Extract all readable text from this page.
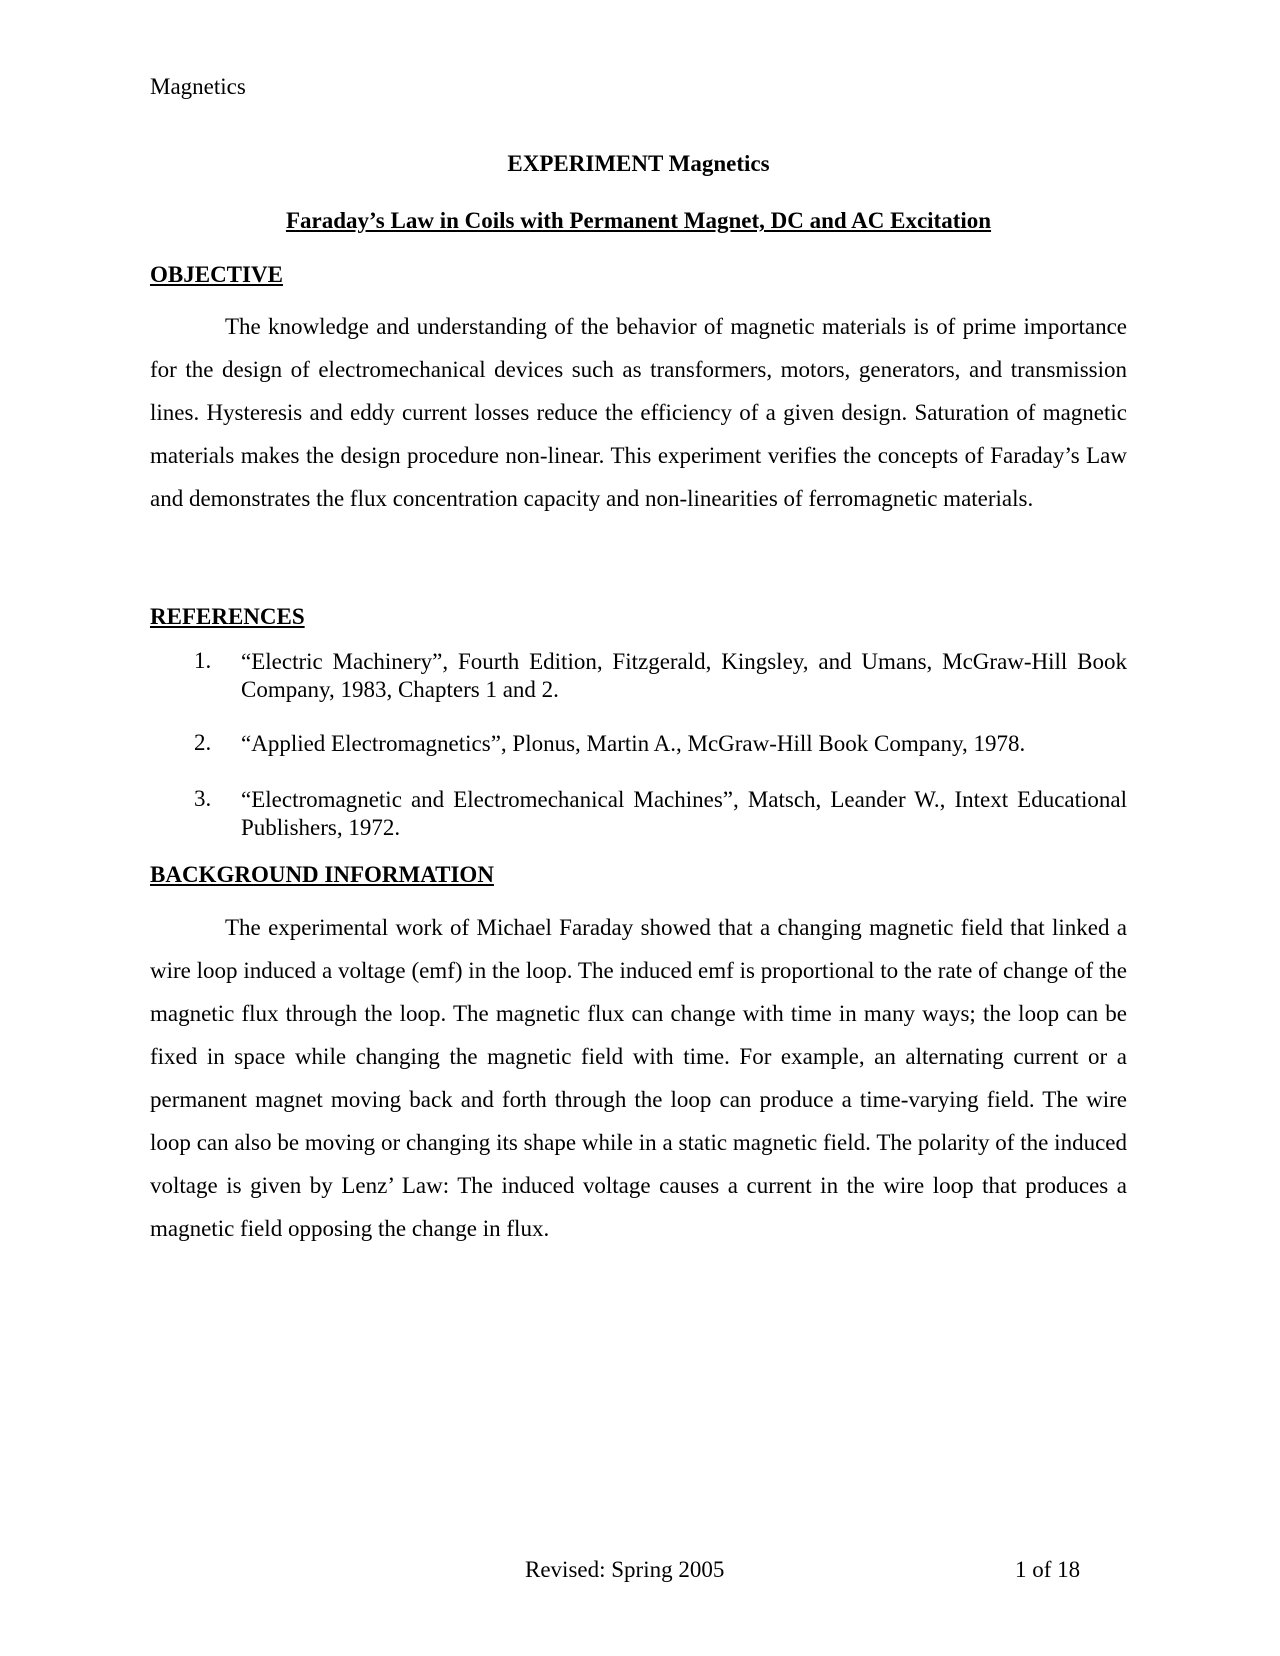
Magnetics
EXPERIMENT Magnetics
Faraday’s Law in Coils with Permanent Magnet, DC and AC Excitation
OBJECTIVE

The knowledge and understanding of the behavior of magnetic materials is of prime importance for the design of electromechanical devices such as transformers, motors, generators, and transmission lines. Hysteresis and eddy current losses reduce the efficiency of a given design. Saturation of magnetic materials makes the design procedure non-linear. This experiment verifies the concepts of Faraday’s Law and demonstrates the flux concentration capacity and non-linearities of ferromagnetic materials.

REFERENCES
1. “Electric Machinery”, Fourth Edition, Fitzgerald, Kingsley, and Umans, McGraw-Hill Book Company, 1983, Chapters 1 and 2.
2. “Applied Electromagnetics”, Plonus, Martin A., McGraw-Hill Book Company, 1978.
3. “Electromagnetic and Electromechanical Machines”, Matsch, Leander W., Intext Educational Publishers, 1972.
BACKGROUND INFORMATION

The experimental work of Michael Faraday showed that a changing magnetic field that linked a wire loop induced a voltage (emf) in the loop. The induced emf is proportional to the rate of change of the magnetic flux through the loop. The magnetic flux can change with time in many ways; the loop can be fixed in space while changing the magnetic field with time. For example, an alternating current or a permanent magnet moving back and forth through the loop can produce a time-varying field. The wire loop can also be moving or changing its shape while in a static magnetic field. The polarity of the induced voltage is given by Lenz’ Law: The induced voltage causes a current in the wire loop that produces a magnetic field opposing the change in flux.

Revised: Spring 2005	1 of 18
